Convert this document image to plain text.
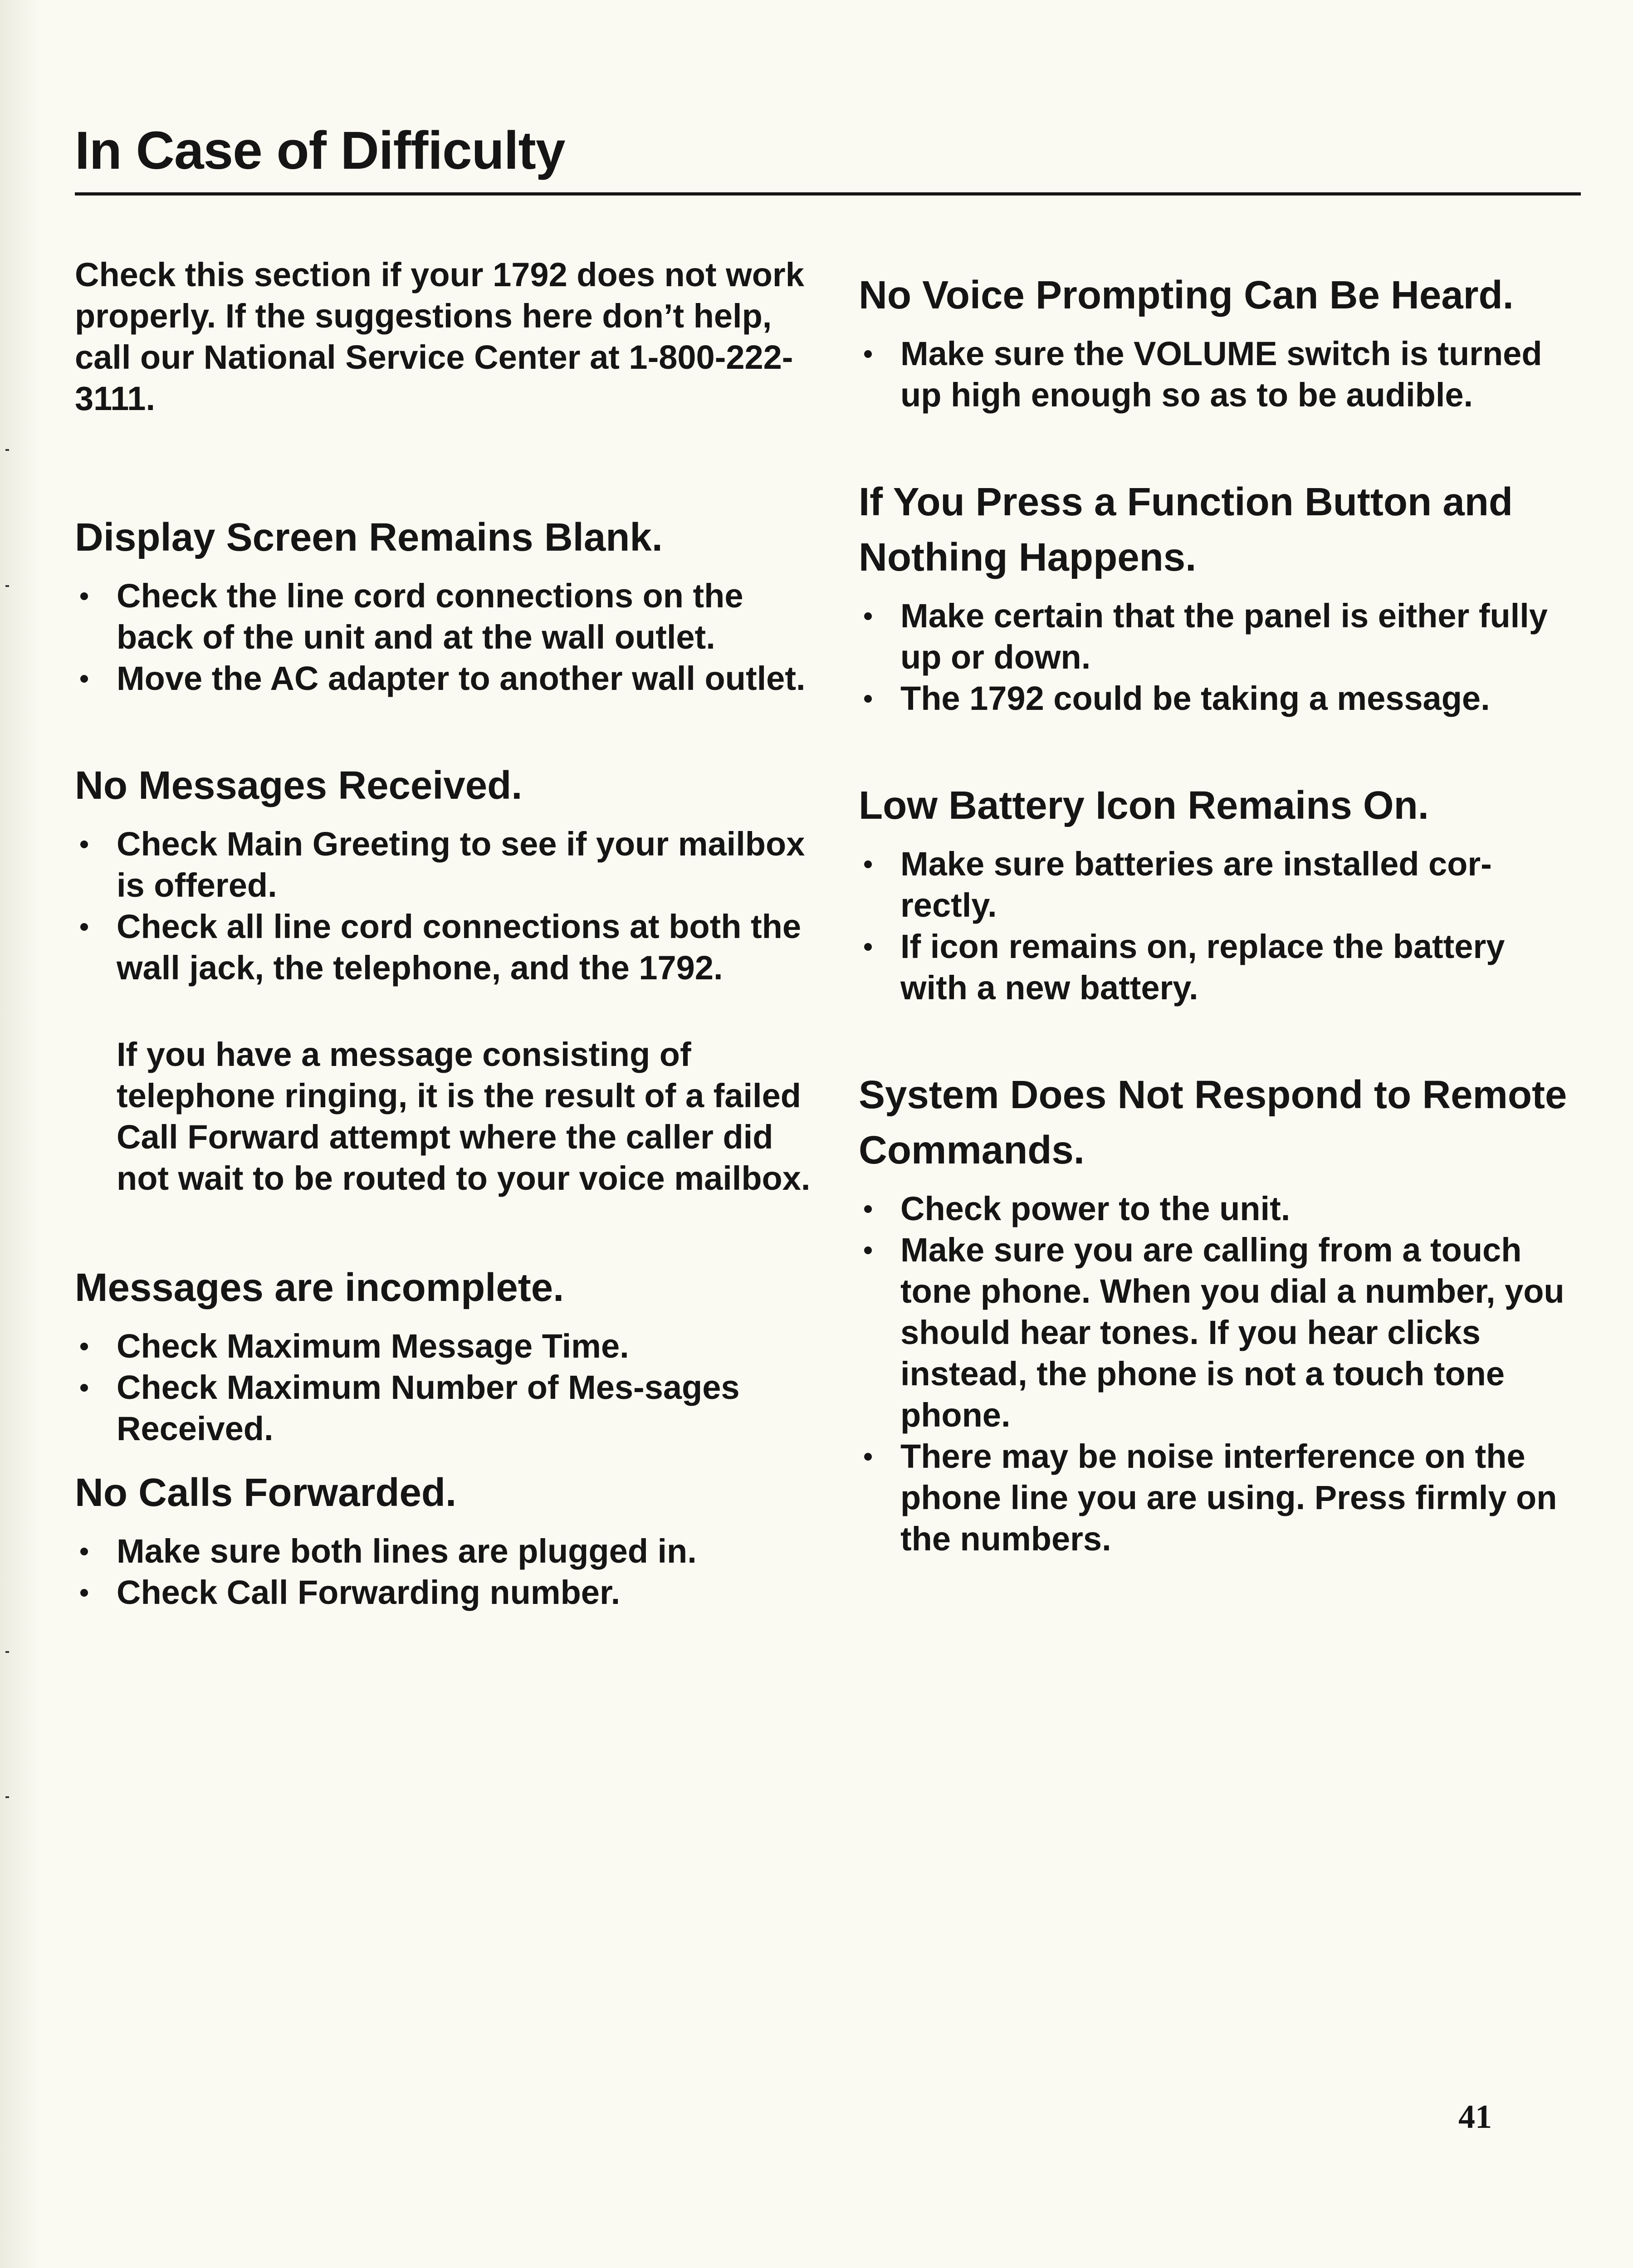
In Case of Difficulty

Check this section if your 1792 does not work properly. If the suggestions here don’t help, call our National Service Center at 1-800-222-3111.

Display Screen Remains Blank.
Check the line cord connections on the back of the unit and at the wall outlet.
Move the AC adapter to another wall outlet.
No Messages Received.
Check Main Greeting to see if your mailbox is offered.
Check all line cord connections at both the wall jack, the telephone, and the 1792.

If you have a message consisting of telephone ringing, it is the result of a failed Call Forward attempt where the caller did not wait to be routed to your voice mailbox.

Messages are incomplete.
Check Maximum Message Time.
Check Maximum Number of Mes-sages Received.
No Calls Forwarded.
Make sure both lines are plugged in.
Check Call Forwarding number.
No Voice Prompting Can Be Heard.
Make sure the VOLUME switch is turned up high enough so as to be audible.
If You Press a Function Button and Nothing Happens.
Make certain that the panel is either fully up or down.
The 1792 could be taking a message.
Low Battery Icon Remains On.
Make sure batteries are installed cor-rectly.
If icon remains on, replace the battery with a new battery.
System Does Not Respond to Remote Commands.
Check power to the unit.
Make sure you are calling from a touch tone phone. When you dial a number, you should hear tones. If you hear clicks instead, the phone is not a touch tone phone.
There may be noise interference on the phone line you are using. Press firmly on the numbers.
41
